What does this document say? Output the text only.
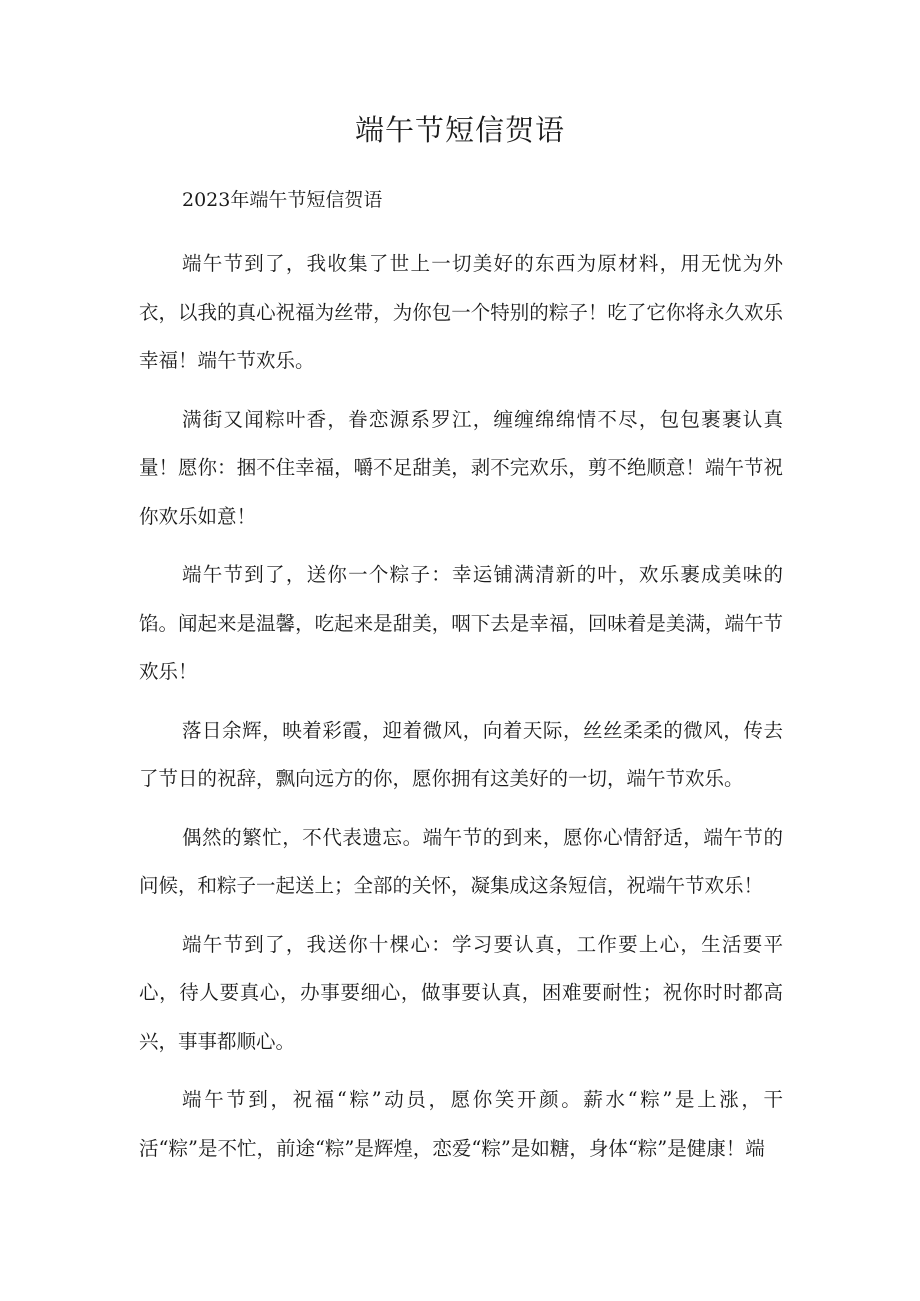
端午节短信贺语
2023年端午节短信贺语

端午节到了，我收集了世上一切美好的东西为原材料，用无忧为外衣，以我的真心祝福为丝带，为你包一个特别的粽子！吃了它你将永久欢乐幸福！端午节欢乐。

满街又闻粽叶香，眷恋源系罗江，缠缠绵绵情不尽，包包裹裹认真量！愿你：捆不住幸福，嚼不足甜美，剥不完欢乐，剪不绝顺意！端午节祝你欢乐如意！

端午节到了，送你一个粽子：幸运铺满清新的叶，欢乐裹成美味的馅。闻起来是温馨，吃起来是甜美，咽下去是幸福，回味着是美满，端午节欢乐！

落日余辉，映着彩霞，迎着微风，向着天际，丝丝柔柔的微风，传去了节日的祝辞，飘向远方的你，愿你拥有这美好的一切，端午节欢乐。

偶然的繁忙，不代表遗忘。端午节的到来，愿你心情舒适，端午节的问候，和粽子一起送上；全部的关怀，凝集成这条短信，祝端午节欢乐！

端午节到了，我送你十棵心：学习要认真，工作要上心，生活要平心，待人要真心，办事要细心，做事要认真，困难要耐性；祝你时时都高兴，事事都顺心。

端午节到，祝福“粽”动员，愿你笑开颜。薪水“粽”是上涨，干活“粽”是不忙，前途“粽”是辉煌，恋爱“粽”是如糖，身体“粽”是健康！端
